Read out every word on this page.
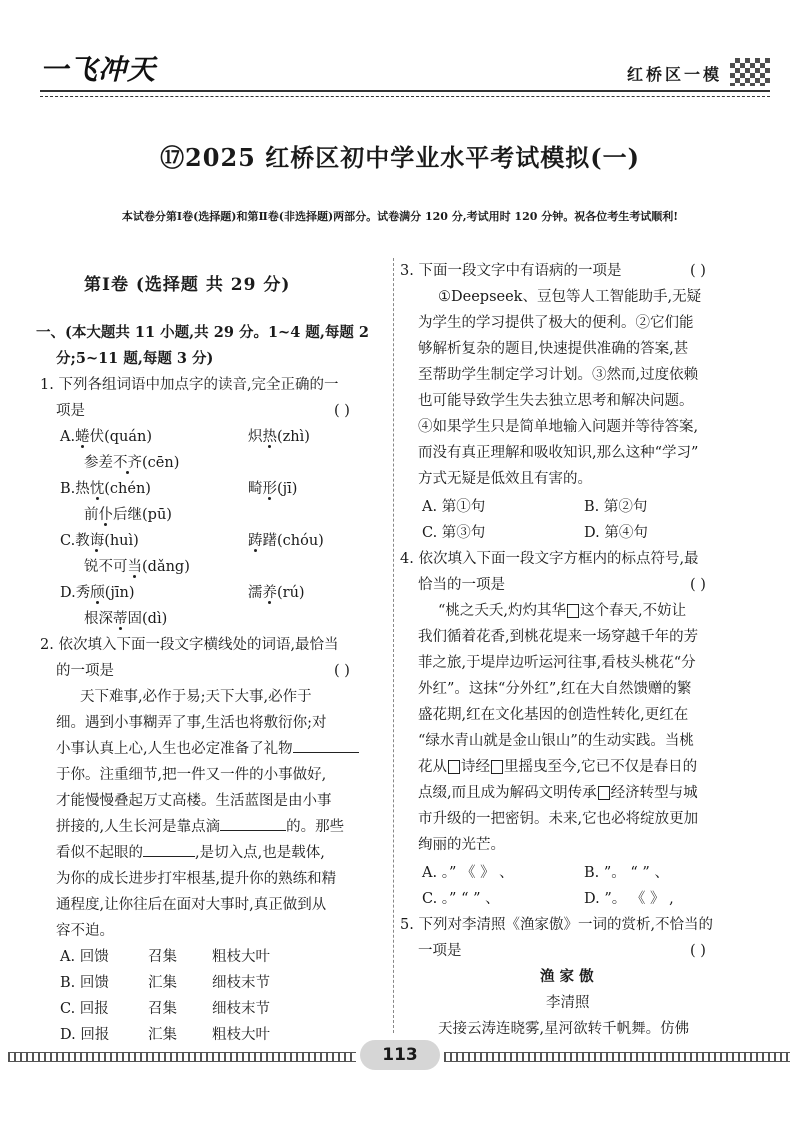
一飞冲天	红桥区一模
⑰2025 红桥区初中学业水平考试模拟(一)
本试卷分第Ⅰ卷(选择题)和第Ⅱ卷(非选择题)两部分。试卷满分 120 分,考试用时 120 分钟。祝各位考生考试顺利!
第Ⅰ卷 (选择题 共 29 分)
一、(本大题共 11 小题,共 29 分。1~4 题,每题 2
分;5~11 题,每题 3 分)
1. 下列各组词语中加点字的读音,完全正确的一
项是	( )
A.蜷伏(quán)	炽热(zhì)
参差不齐(cēn)
B.热忱(chén)	畸形(jī)
前仆后继(pū)
C.教诲(huì)	踌躇(chóu)
锐不可当(dǎng)
D.秀颀(jīn)	濡养(rú)
根深蒂固(dì)
2. 依次填入下面一段文字横线处的词语,最恰当
的一项是	( )
天下难事,必作于易;天下大事,必作于
细。遇到小事糊弄了事,生活也将敷衍你;对
小事认真上心,人生也必定准备了礼物
于你。注重细节,把一件又一件的小事做好,
才能慢慢叠起万丈高楼。生活蓝图是由小事
拼接的,人生长河是靠点滴	的。那些
看似不起眼的	,是切入点,也是载体,
为你的成长进步打牢根基,提升你的熟练和精
通程度,让你往后在面对大事时,真正做到从
容不迫。
A. 回馈	召集 粗枝大叶
B. 回馈	汇集 细枝末节
C. 回报	召集 细枝末节
D. 回报	汇集 粗枝大叶
3. 下面一段文字中有语病的一项是	( )
①Deepseek、豆包等人工智能助手,无疑
为学生的学习提供了极大的便利。②它们能
够解析复杂的题目,快速提供准确的答案,甚
至帮助学生制定学习计划。③然而,过度依赖
也可能导致学生失去独立思考和解决问题。
④如果学生只是简单地输入问题并等待答案,
而没有真正理解和吸收知识,那么这种“学习”
方式无疑是低效且有害的。
A. 第①句	B. 第②句
C. 第③句	D. 第④句
4. 依次填入下面一段文字方框内的标点符号,最
恰当的一项是	( )
“桃之夭夭,灼灼其华 这个春天,不妨让
我们循着花香,到桃花堤来一场穿越千年的芳
菲之旅,于堤岸边听运河往事,看枝头桃花“分
外红”。这抹“分外红”,红在大自然馈赠的繁
盛花期,红在文化基因的创造性转化,更红在
“绿水青山就是金山银山”的生动实践。当桃
花从 诗经 里摇曳至今,它已不仅是春日的
点缀,而且成为解码文明传承 经济转型与城
市升级的一把密钥。未来,它也必将绽放更加
绚丽的光芒。
A. 。” 《 》 、	B. ”。 “ ” 、
C. 。” “ ” 、	D. ”。 《 》 ,
5. 下列对李清照《渔家傲》一词的赏析,不恰当的
一项是	( )
渔 家 傲
李清照
天接云涛连晓雾,星河欲转千帆舞。仿佛
113
